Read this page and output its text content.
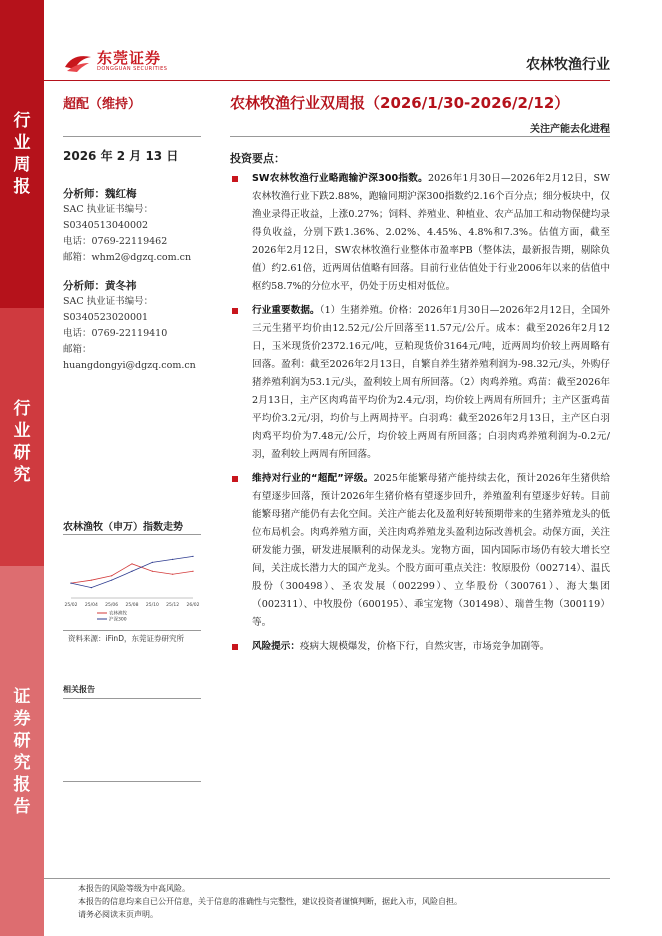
行
业
周
报
行
业
研
究
证
券
研
究
报
告
东莞证券
DONGGUAN SECURITIES	农林牧渔行业
超配（维持）	农林牧渔行业双周报（2026/1/30-2026/2/12）
关注产能去化进程
2026 年 2 月 13 日
分析师：魏红梅
SAC 执业证书编号：
S0340513040002
电话：0769-22119462
邮箱：whm2@dgzq.com.cn
分析师：黄冬祎
SAC 执业证书编号：
S0340523020001
电话：0769-22119410
邮箱：
huangdongyi@dgzq.com.cn
农林渔牧（申万）指数走势
25/02 25/04 25/06 25/08 25/10 25/12 26/02
农林渔牧
沪深300
资料来源：iFinD，东莞证券研究所
相关报告
投资要点：
SW农林牧渔行业略跑输沪深300指数。2026年1月30日—2026年2月12日，SW农林牧渔行业下跌2.88%，跑输同期沪深300指数约2.16个百分点；细分板块中，仅渔业录得正收益，上涨0.27%；饲料、养殖业、种植业、农产品加工和动物保健均录得负收益，分别下跌1.36%、2.02%、4.45%、4.8%和7.3%。估值方面，截至2026年2月12日，SW农林牧渔行业整体市盈率PB（整体法，最新报告期，剔除负值）约2.61倍，近两周估值略有回落。目前行业估值处于行业2006年以来的估值中枢约58.7%的分位水平，仍处于历史相对低位。
行业重要数据。（1）生猪养殖。价格：2026年1月30日—2026年2月12日，全国外三元生猪平均价由12.52元/公斤回落至11.57元/公斤。成本：截至2026年2月12日，玉米现货价2372.16元/吨，豆粕现货价3164元/吨，近两周均价较上两周略有回落。盈利：截至2026年2月13日，自繁自养生猪养殖利润为-98.32元/头，外购仔猪养殖利润为53.1元/头，盈利较上周有所回落。（2）肉鸡养殖。鸡苗：截至2026年2月13日，主产区肉鸡苗平均价为2.4元/羽，均价较上两周有所回升；主产区蛋鸡苗平均价3.2元/羽，均价与上两周持平。白羽鸡：截至2026年2月13日，主产区白羽肉鸡平均价为7.48元/公斤，均价较上两周有所回落；白羽肉鸡养殖利润为-0.2元/羽，盈利较上两周有所回落。
维持对行业的“超配”评级。2025年能繁母猪产能持续去化，预计2026年生猪供给有望逐步回落，预计2026年生猪价格有望逐步回升，养殖盈利有望逐步好转。目前能繁母猪产能仍有去化空间。关注产能去化及盈利好转预期带来的生猪养殖龙头的低位布局机会。肉鸡养殖方面，关注肉鸡养殖龙头盈利边际改善机会。动保方面，关注研发能力强，研发进展顺利的动保龙头。宠物方面，国内国际市场仍有较大增长空间，关注成长潜力大的国产龙头。个股方面可重点关注：牧原股份（002714）、温氏股份（300498）、圣农发展（002299）、立华股份（300761）、海大集团（002311）、中牧股份（600195）、乖宝宠物（301498）、瑞普生物（300119）等。
风险提示：疫病大规模爆发，价格下行，自然灾害，市场竞争加剧等。
本报告的风险等级为中高风险。
本报告的信息均来自已公开信息，关于信息的准确性与完整性，建议投资者谨慎判断，据此入市，风险自担。
请务必阅读末页声明。
